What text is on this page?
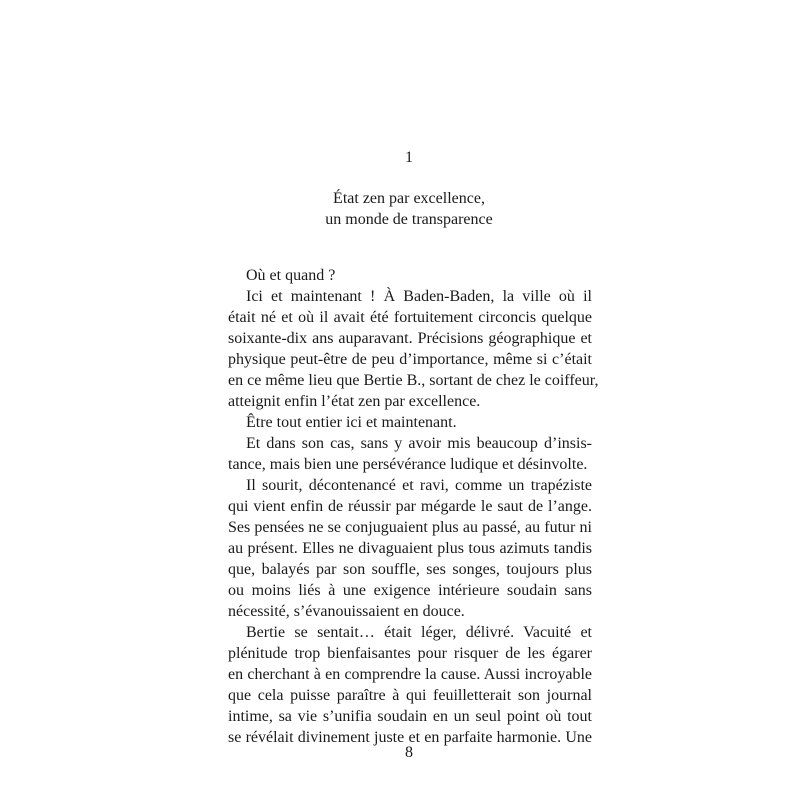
1
État zen par excellence,
un monde de transparence
Où et quand ?
Ici et maintenant ! À Baden-Baden, la ville où il
était né et où il avait été fortuitement circoncis quelque
soixante-dix ans auparavant. Précisions géographique et
physique peut-être de peu d’importance, même si c’était
en ce même lieu que Bertie B., sortant de chez le coiffeur,
atteignit enfin l’état zen par excellence.
Être tout entier ici et maintenant.
Et dans son cas, sans y avoir mis beaucoup d’insis-
tance, mais bien une persévérance ludique et désinvolte.
Il sourit, décontenancé et ravi, comme un trapéziste
qui vient enfin de réussir par mégarde le saut de l’ange.
Ses pensées ne se conjuguaient plus au passé, au futur ni
au présent. Elles ne divaguaient plus tous azimuts tandis
que, balayés par son souffle, ses songes, toujours plus
ou moins liés à une exigence intérieure soudain sans
nécessité, s’évanouissaient en douce.
Bertie se sentait… était léger, délivré. Vacuité et
plénitude trop bienfaisantes pour risquer de les égarer
en cherchant à en comprendre la cause. Aussi incroyable
que cela puisse paraître à qui feuilletterait son journal
intime, sa vie s’unifia soudain en un seul point où tout
se révélait divinement juste et en parfaite harmonie. Une
8
